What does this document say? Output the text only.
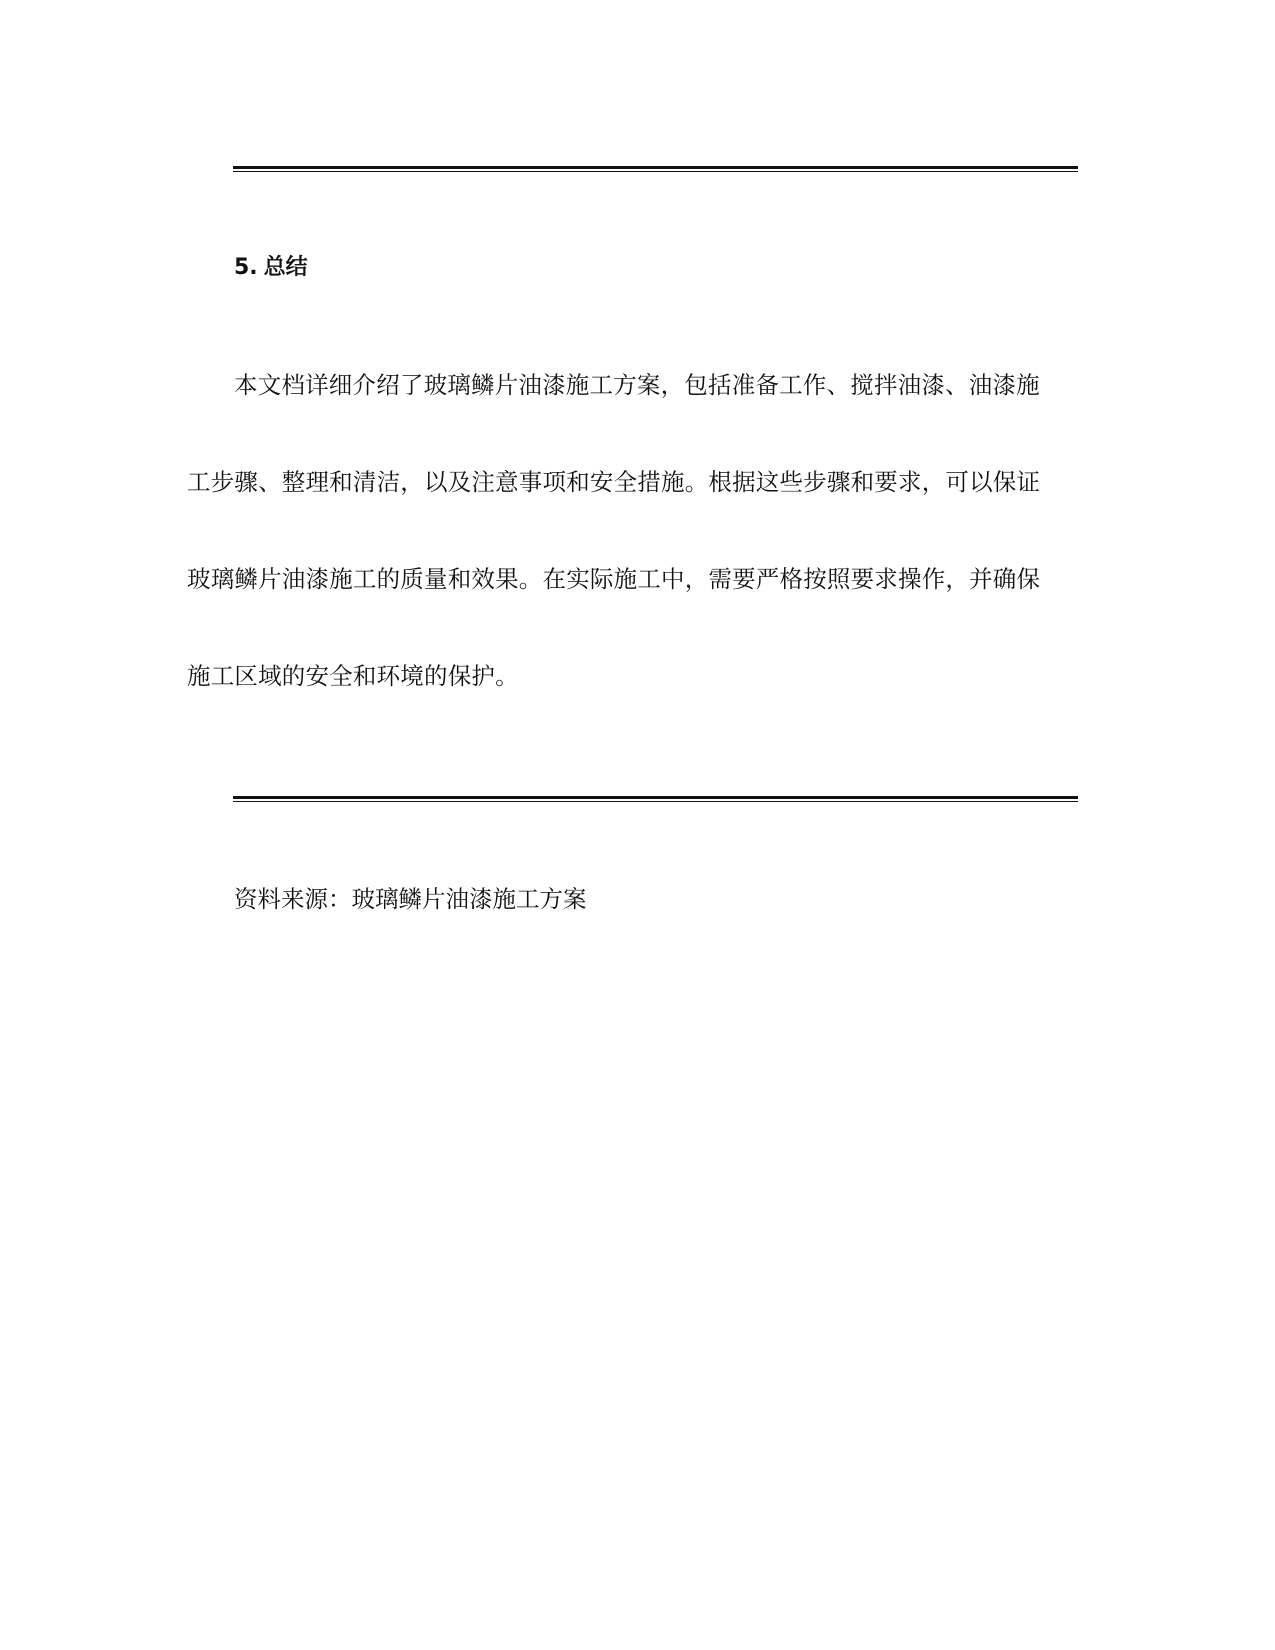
5. 总结
本文档详细介绍了玻璃鳞片油漆施工方案，包括准备工作、搅拌油漆、油漆施
工步骤、整理和清洁，以及注意事项和安全措施。根据这些步骤和要求，可以保证
玻璃鳞片油漆施工的质量和效果。在实际施工中，需要严格按照要求操作，并确保
施工区域的安全和环境的保护。
资料来源：玻璃鳞片油漆施工方案
